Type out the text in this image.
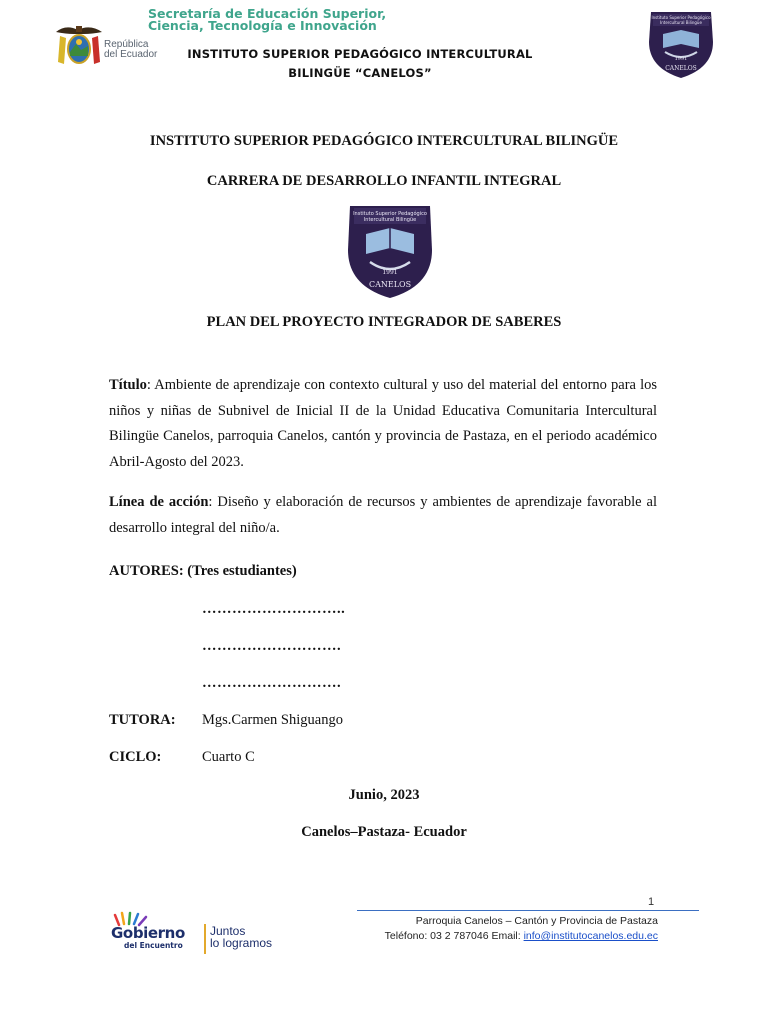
República
del Ecuador
Secretaría de Educación Superior,
Ciencia, Tecnología e Innovación
INSTITUTO SUPERIOR PEDAGÓGICO INTERCULTURAL
BILINGÜE “CANELOS”
Instituto Superior Pedagógico
Intercultural Bilingüe
1991
CANELOS
INSTITUTO SUPERIOR PEDAGÓGICO INTERCULTURAL BILINGÜE
CARRERA DE DESARROLLO INFANTIL INTEGRAL
Instituto Superior Pedagógico
Intercultural Bilingüe
1991
CANELOS
PLAN DEL PROYECTO INTEGRADOR DE SABERES
Título: Ambiente de aprendizaje con contexto cultural y uso del material del entorno para los niños y niñas de Subnivel de Inicial II de la Unidad Educativa Comunitaria Intercultural Bilingüe Canelos, parroquia Canelos, cantón y provincia de Pastaza, en el periodo académico Abril-Agosto del 2023.
Línea de acción: Diseño y elaboración de recursos y ambientes de aprendizaje favorable al desarrollo integral del niño/a.
AUTORES: (Tres estudiantes)
………………………..
……………………….
……………………….
TUTORA: Mgs.Carmen Shiguango
CICLO:	Cuarto C
Junio, 2023
Canelos–Pastaza- Ecuador
1
Parroquia Canelos – Cantón y Provincia de Pastaza
Teléfono: 03 2 787046 Email: info@institutocanelos.edu.ec
Gobierno
del Encuentro
Juntos
lo logramos
